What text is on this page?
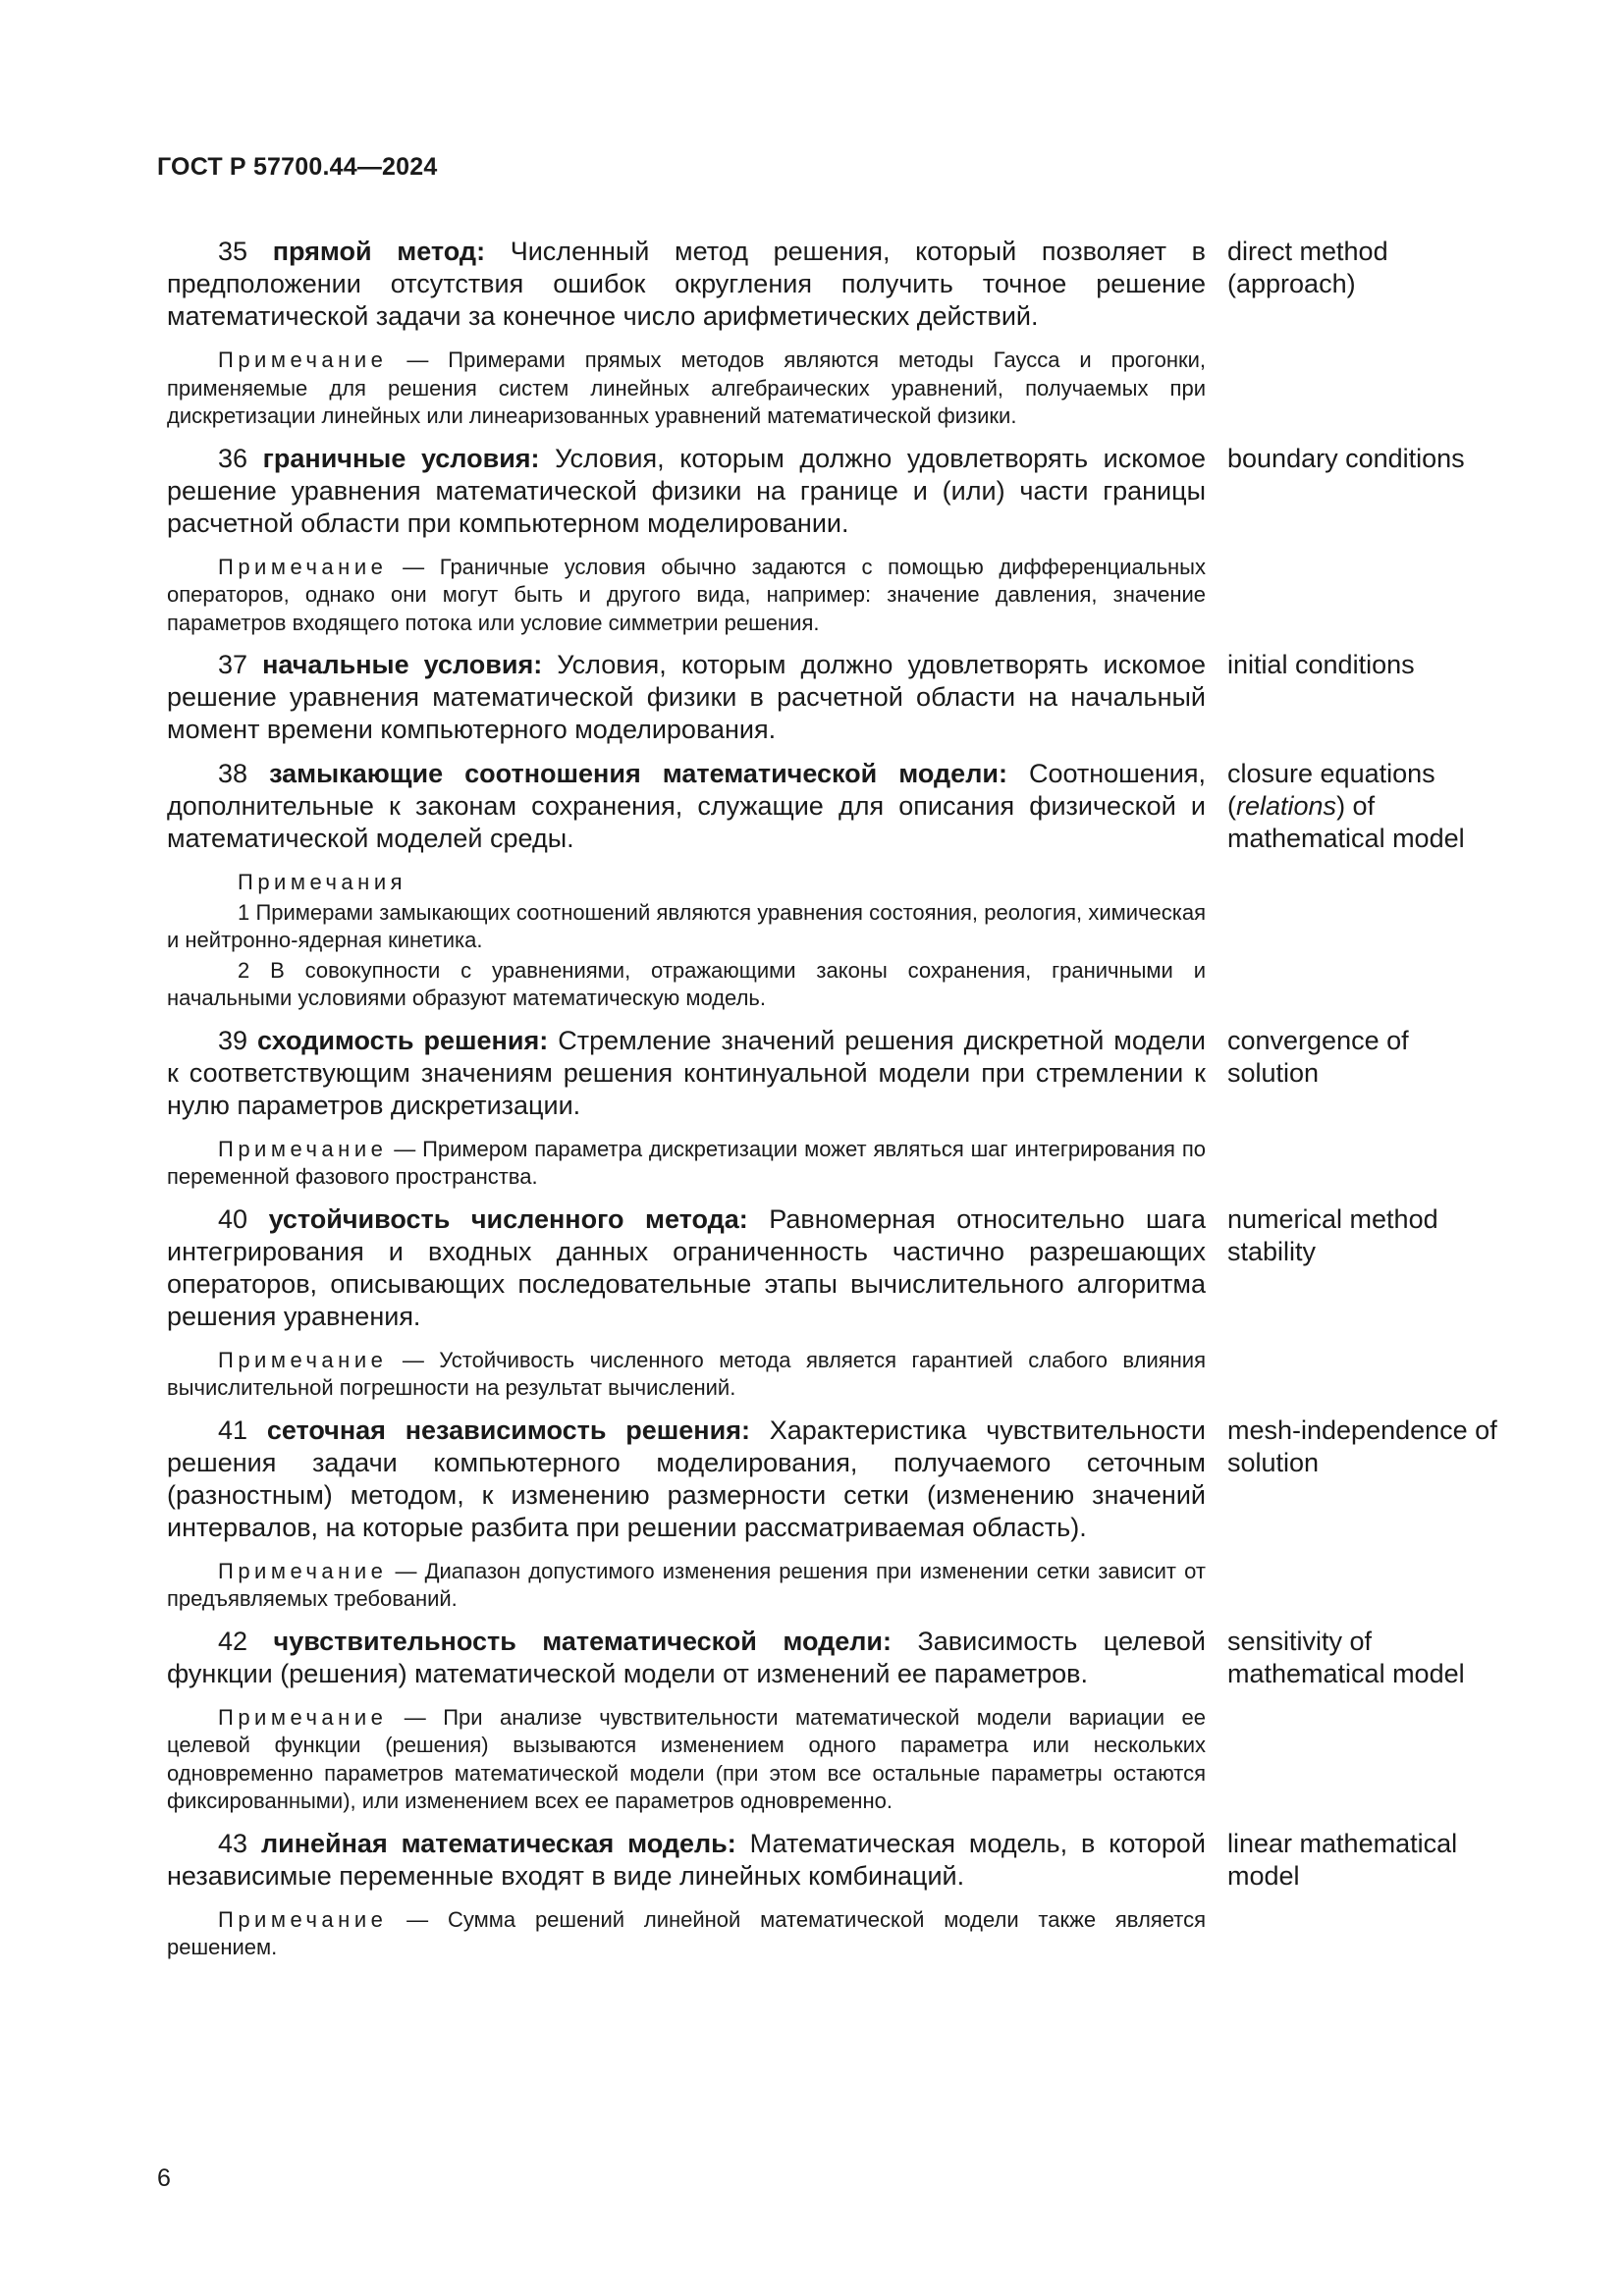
ГОСТ Р 57700.44—2024

35 прямой метод: Численный метод решения, который позволяет в предположении отсутствия ошибок округления получить точное решение математической задачи за конечное число арифметических действий.

Примечание — Примерами прямых методов являются методы Гаусса и прогонки, применяемые для решения систем линейных алгебраических уравнений, получаемых при дискретизации линейных или линеаризованных уравнений математической физики.

direct method (approach)

36 граничные условия: Условия, которым должно удовлетворять искомое решение уравнения математической физики на границе и (или) части границы расчетной области при компьютерном моделировании.

Примечание — Граничные условия обычно задаются с помощью дифференциальных операторов, однако они могут быть и другого вида, например: значение давления, значение параметров входящего потока или условие симметрии решения.

boundary conditions

37 начальные условия: Условия, которым должно удовлетворять искомое решение уравнения математической физики в расчетной области на начальный момент времени компьютерного моделирования.

initial conditions

38 замыкающие соотношения математической модели: Соотношения, дополнительные к законам сохранения, служащие для описания физической и математической моделей среды.

Примечания

1 Примерами замыкающих соотношений являются уравнения состояния, реология, химическая и нейтронно-ядерная кинетика.

2 В совокупности с уравнениями, отражающими законы сохранения, граничными и начальными условиями образуют математическую модель.

closure equations (relations) of mathematical model

39 сходимость решения: Стремление значений решения дискретной модели к соответствующим значениям решения континуальной модели при стремлении к нулю параметров дискретизации.

Примечание — Примером параметра дискретизации может являться шаг интегрирования по переменной фазового пространства.

convergence of solution

40 устойчивость численного метода: Равномерная относительно шага интегрирования и входных данных ограниченность частично разрешающих операторов, описывающих последовательные этапы вычислительного алгоритма решения уравнения.

Примечание — Устойчивость численного метода является гарантией слабого влияния вычислительной погрешности на результат вычислений.

numerical method stability

41 сеточная независимость решения: Характеристика чувствительности решения задачи компьютерного моделирования, получаемого сеточным (разностным) методом, к изменению размерности сетки (изменению значений интервалов, на которые разбита при решении рассматриваемая область).

Примечание — Диапазон допустимого изменения решения при изменении сетки зависит от предъявляемых требований.

mesh-independence of solution

42 чувствительность математической модели: Зависимость целевой функции (решения) математической модели от изменений ее параметров.

Примечание — При анализе чувствительности математической модели вариации ее целевой функции (решения) вызываются изменением одного параметра или нескольких одновременно параметров математической модели (при этом все остальные параметры остаются фиксированными), или изменением всех ее параметров одновременно.

sensitivity of mathematical model

43 линейная математическая модель: Математическая модель, в которой независимые переменные входят в виде линейных комбинаций.

Примечание — Сумма решений линейной математической модели также является решением.

linear mathematical model
6
